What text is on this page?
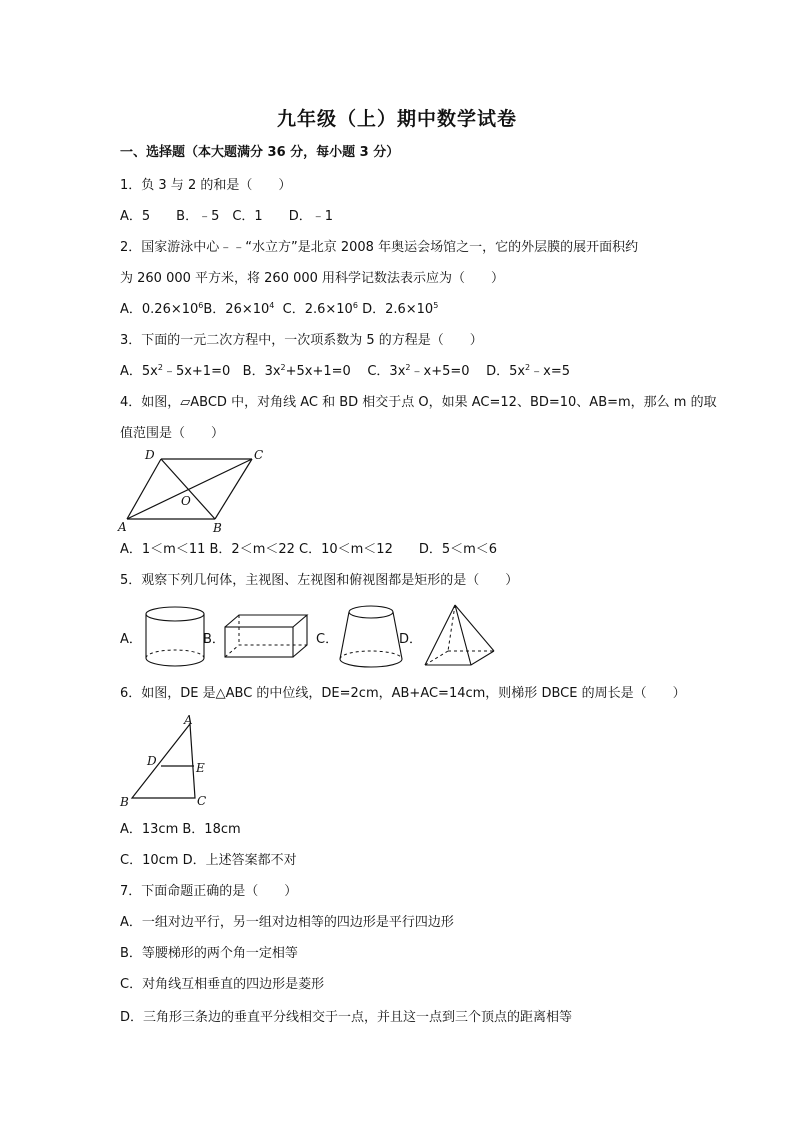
九年级（上）期中数学试卷
一、选择题（本大题满分 36 分，每小题 3 分）
1．负 3 与 2 的和是（　　）
A．5　　B．﹣5　C．1　　D．﹣1
2．国家游泳中心﹣﹣“水立方”是北京 2008 年奥运会场馆之一，它的外层膜的展开面积约
为 260 000 平方米，将 260 000 用科学记数法表示应为（　　）
A．$0.26\times 10^6B$．$26\times 10^4$ C．$2.6\times 10^6$ D．$2.6\times 10^5$
3．下面的一元二次方程中，一次项系数为 5 的方程是（　　）
A．$5x^2﹣5x+1=0$ B．$3x^2+5x+1=0$ C．$3x^2﹣x+5=0$ D．$5x^2﹣x=5$
4．如图，▱ABCD 中，对角线 AC 和 BD 相交于点 O，如果 AC=12、BD=10、AB=m，那么 m 的取
值范围是（　　）
A	B
C
D
O
A．1＜m＜11 B．2＜m＜22 C．10＜m＜12　　D．5＜m＜6
5．观察下列几何体，主视图、左视图和俯视图都是矩形的是（　　）
A．	B．	C．	D．
6．如图，DE 是△ABC 的中位线，DE=2cm，AB+AC=14cm，则梯形 DBCE 的周长是（　　）
A
D	E
B	C
A．13cm B．18cm
C．10cm D．上述答案都不对
7．下面命题正确的是（　　）
A．一组对边平行，另一组对边相等的四边形是平行四边形
B．等腰梯形的两个角一定相等
C．对角线互相垂直的四边形是菱形
D．三角形三条边的垂直平分线相交于一点，并且这一点到三个顶点的距离相等
